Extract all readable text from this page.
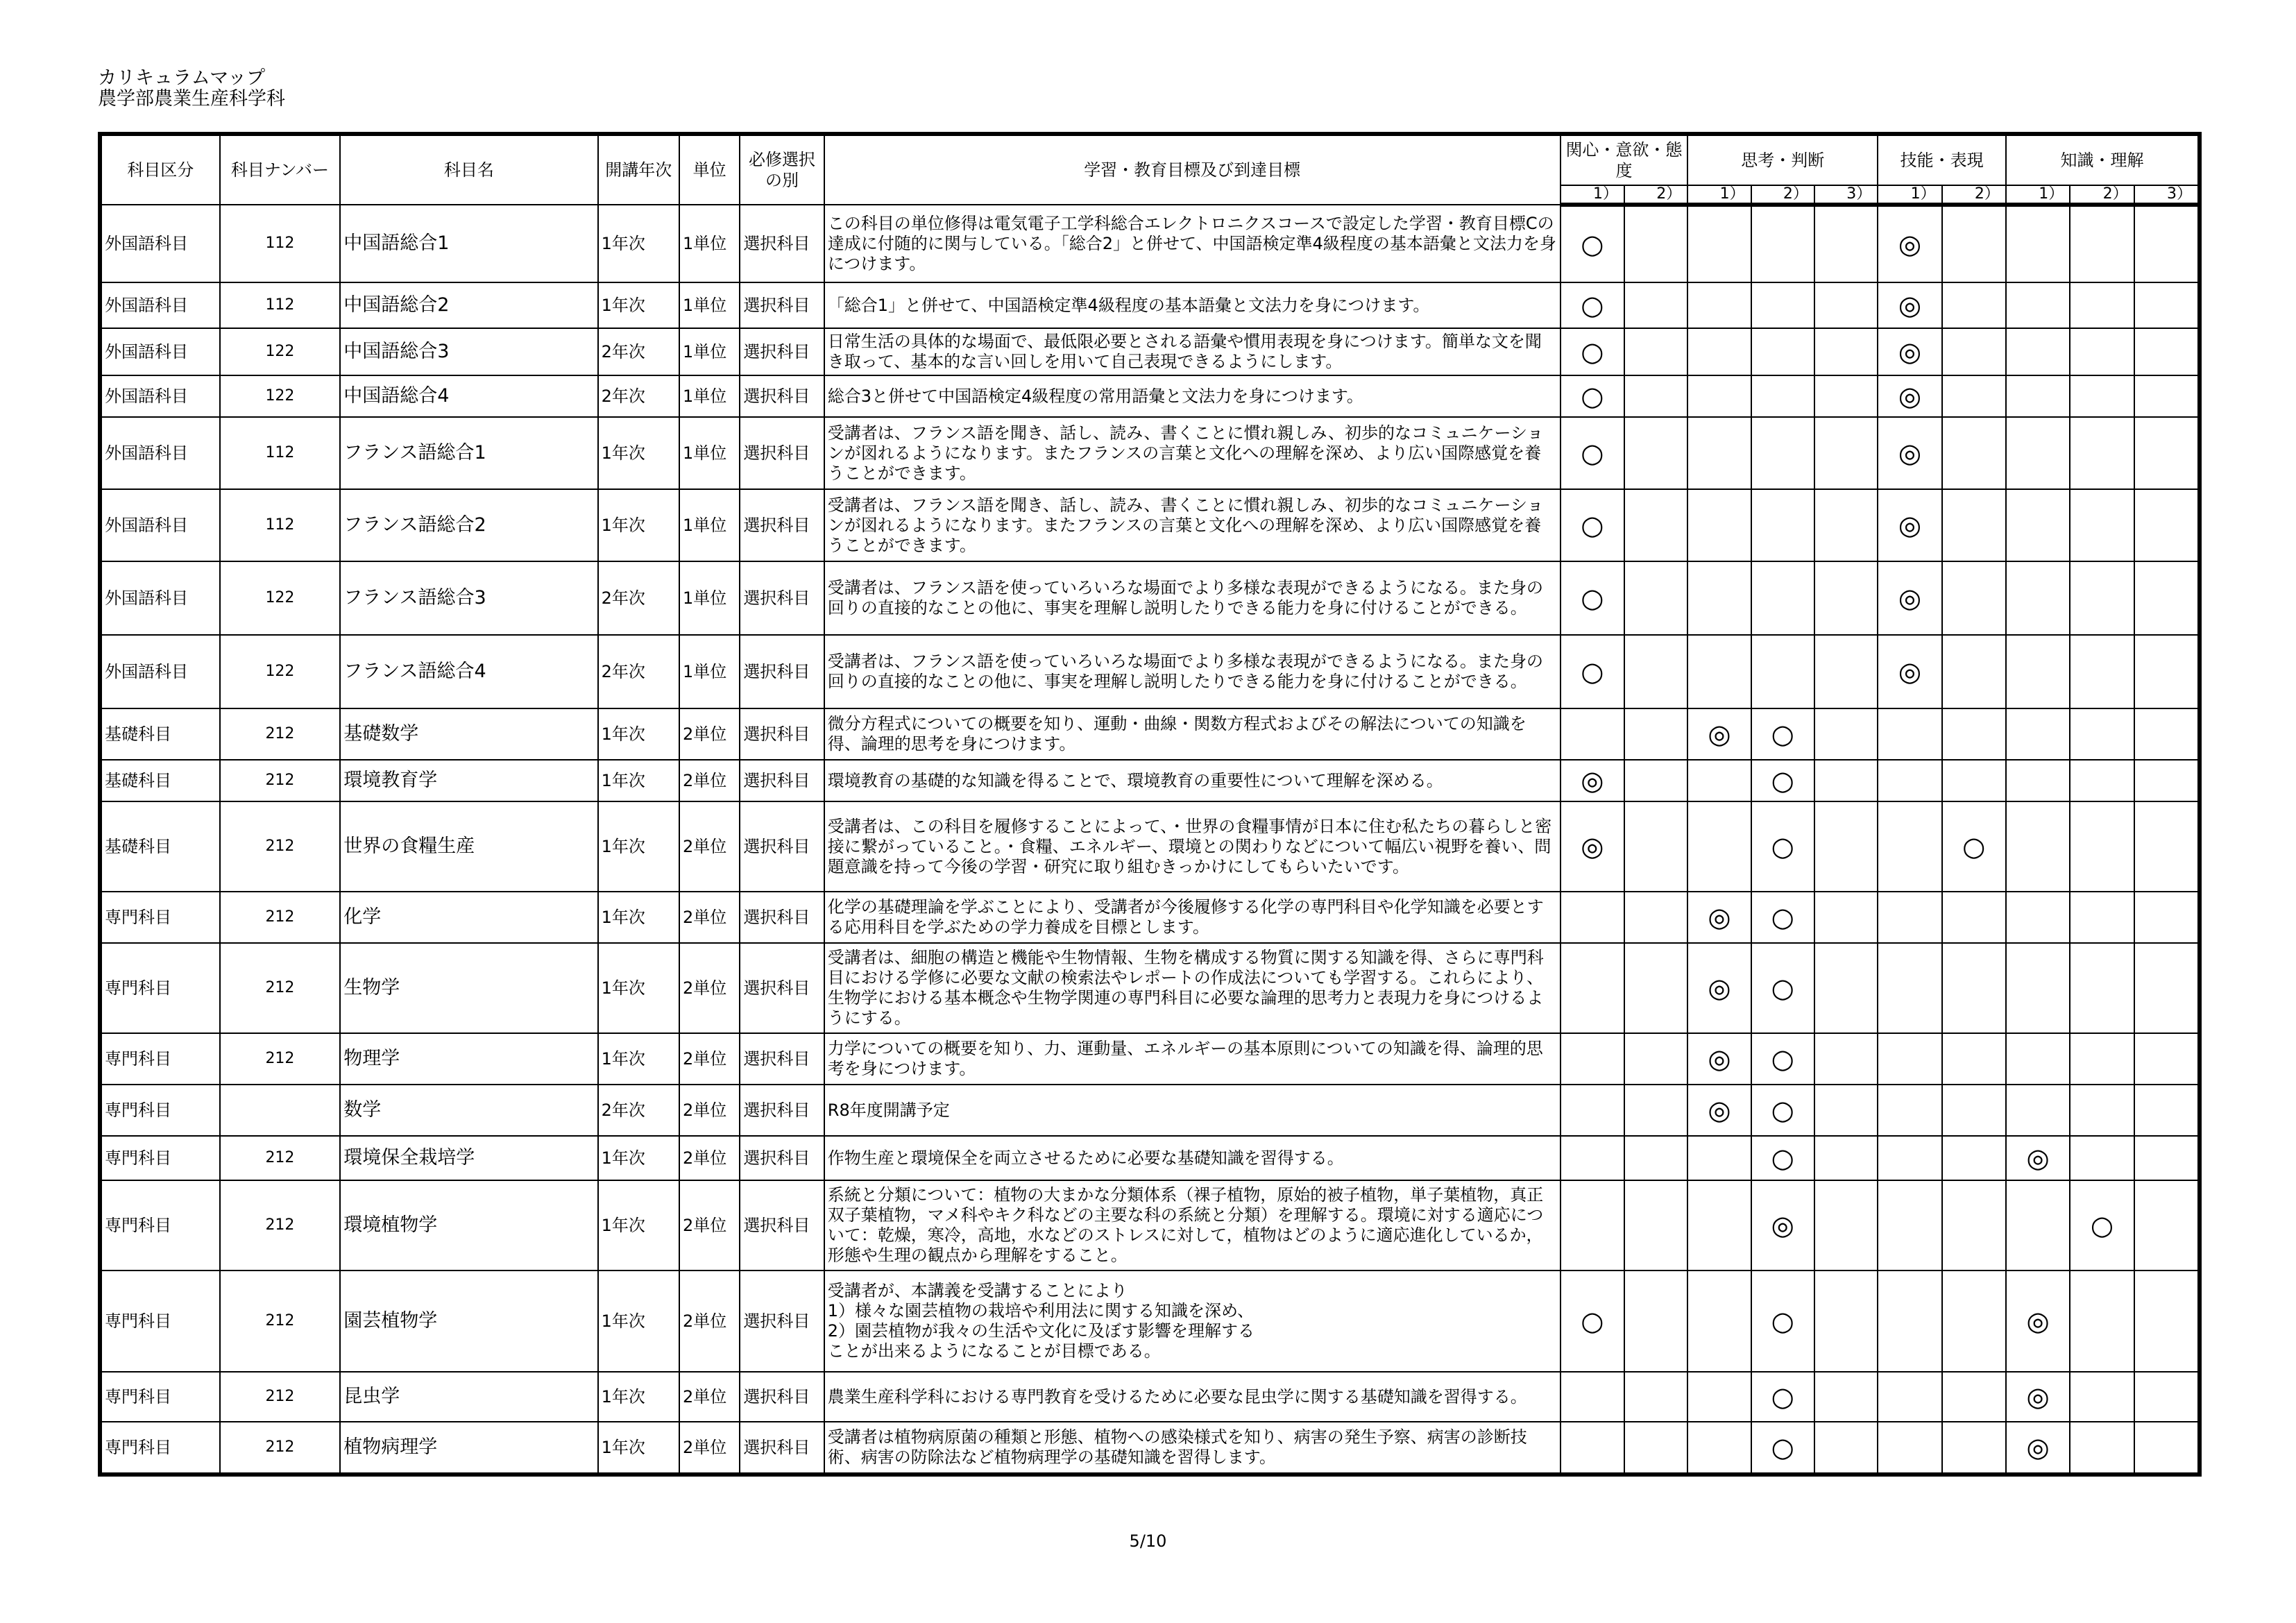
カリキュラムマップ
農学部農業生産科学科
科目区分	科目ナンバー	科目名	開講年次	単位	必修選択
の別	学習・教育目標及び到達目標	関心・意欲・態度		思考・判断			技能・表現		知識・理解		
							1）	2）	1）	2）	3）	1）	2）	1）	2）	3）
外国語科目	112	中国語総合1	1年次	1単位	選択科目	この科目の単位修得は電気電子工学科総合エレクトロニクスコースで設定した学習・教育目標Cの達成に付随的に関与している。「総合2」と併せて、中国語検定準4級程度の基本語彙と文法力を身につけます。	○					◎				
外国語科目	112	中国語総合2	1年次	1単位	選択科目	「総合1」と併せて、中国語検定準4級程度の基本語彙と文法力を身につけます。	○					◎				
外国語科目	122	中国語総合3	2年次	1単位	選択科目	日常生活の具体的な場面で、最低限必要とされる語彙や慣用表現を身につけます。簡単な文を聞き取って、基本的な言い回しを用いて自己表現できるようにします。	○					◎				
外国語科目	122	中国語総合4	2年次	1単位	選択科目	総合3と併せて中国語検定4級程度の常用語彙と文法力を身につけます。	○					◎				
外国語科目	112	フランス語総合1	1年次	1単位	選択科目	受講者は、フランス語を聞き、話し、読み、書くことに慣れ親しみ、初歩的なコミュニケーションが図れるようになります。またフランスの言葉と文化への理解を深め、より広い国際感覚を養うことができます。	○					◎				
外国語科目	112	フランス語総合2	1年次	1単位	選択科目	受講者は、フランス語を聞き、話し、読み、書くことに慣れ親しみ、初歩的なコミュニケーションが図れるようになります。またフランスの言葉と文化への理解を深め、より広い国際感覚を養うことができます。	○					◎				
外国語科目	122	フランス語総合3	2年次	1単位	選択科目	受講者は、フランス語を使っていろいろな場面でより多様な表現ができるようになる。また身の回りの直接的なことの他に、事実を理解し説明したりできる能力を身に付けることができる。	○					◎				
外国語科目	122	フランス語総合4	2年次	1単位	選択科目	受講者は、フランス語を使っていろいろな場面でより多様な表現ができるようになる。また身の回りの直接的なことの他に、事実を理解し説明したりできる能力を身に付けることができる。	○					◎				
基礎科目	212	基礎数学	1年次	2単位	選択科目	微分方程式についての概要を知り、運動・曲線・関数方程式およびその解法についての知識を得、論理的思考を身につけます。			◎	○						
基礎科目	212	環境教育学	1年次	2単位	選択科目	環境教育の基礎的な知識を得ることで、環境教育の重要性について理解を深める。	◎			○						
基礎科目	212	世界の食糧生産	1年次	2単位	選択科目	受講者は、この科目を履修することによって、・世界の食糧事情が日本に住む私たちの暮らしと密接に繋がっていること。・食糧、エネルギー、環境との関わりなどについて幅広い視野を養い、問題意識を持って今後の学習・研究に取り組むきっかけにしてもらいたいです。	◎			○			○			
専門科目	212	化学	1年次	2単位	選択科目	化学の基礎理論を学ぶことにより、受講者が今後履修する化学の専門科目や化学知識を必要とする応用科目を学ぶための学力養成を目標とします。			◎	○						
専門科目	212	生物学	1年次	2単位	選択科目	受講者は、細胞の構造と機能や生物情報、生物を構成する物質に関する知識を得、さらに専門科目における学修に必要な文献の検索法やレポートの作成法についても学習する。これらにより、生物学における基本概念や生物学関連の専門科目に必要な論理的思考力と表現力を身につけるようにする。			◎	○						
専門科目	212	物理学	1年次	2単位	選択科目	力学についての概要を知り、力、運動量、エネルギーの基本原則についての知識を得、論理的思考を身につけます。			◎	○						
専門科目		数学	2年次	2単位	選択科目	R8年度開講予定			◎	○						
専門科目	212	環境保全栽培学	1年次	2単位	選択科目	作物生産と環境保全を両立させるために必要な基礎知識を習得する。				○				◎		
専門科目	212	環境植物学	1年次	2単位	選択科目	系統と分類について：植物の大まかな分類体系（裸子植物，原始的被子植物，単子葉植物，真正双子葉植物，マメ科やキク科などの主要な科の系統と分類）を理解する。環境に対する適応について：乾燥，寒冷，高地，水などのストレスに対して，植物はどのように適応進化しているか，形態や生理の観点から理解をすること。				◎					○	
専門科目	212	園芸植物学	1年次	2単位	選択科目	受講者が、本講義を受講することにより
1）様々な園芸植物の栽培や利用法に関する知識を深め、
2）園芸植物が我々の生活や文化に及ぼす影響を理解する
ことが出来るようになることが目標である。	○			○				◎		
専門科目	212	昆虫学	1年次	2単位	選択科目	農業生産科学科における専門教育を受けるために必要な昆虫学に関する基礎知識を習得する。				○				◎		
専門科目	212	植物病理学	1年次	2単位	選択科目	受講者は植物病原菌の種類と形態、植物への感染様式を知り、病害の発生予察、病害の診断技術、病害の防除法など植物病理学の基礎知識を習得します。				○				◎		
5/10
